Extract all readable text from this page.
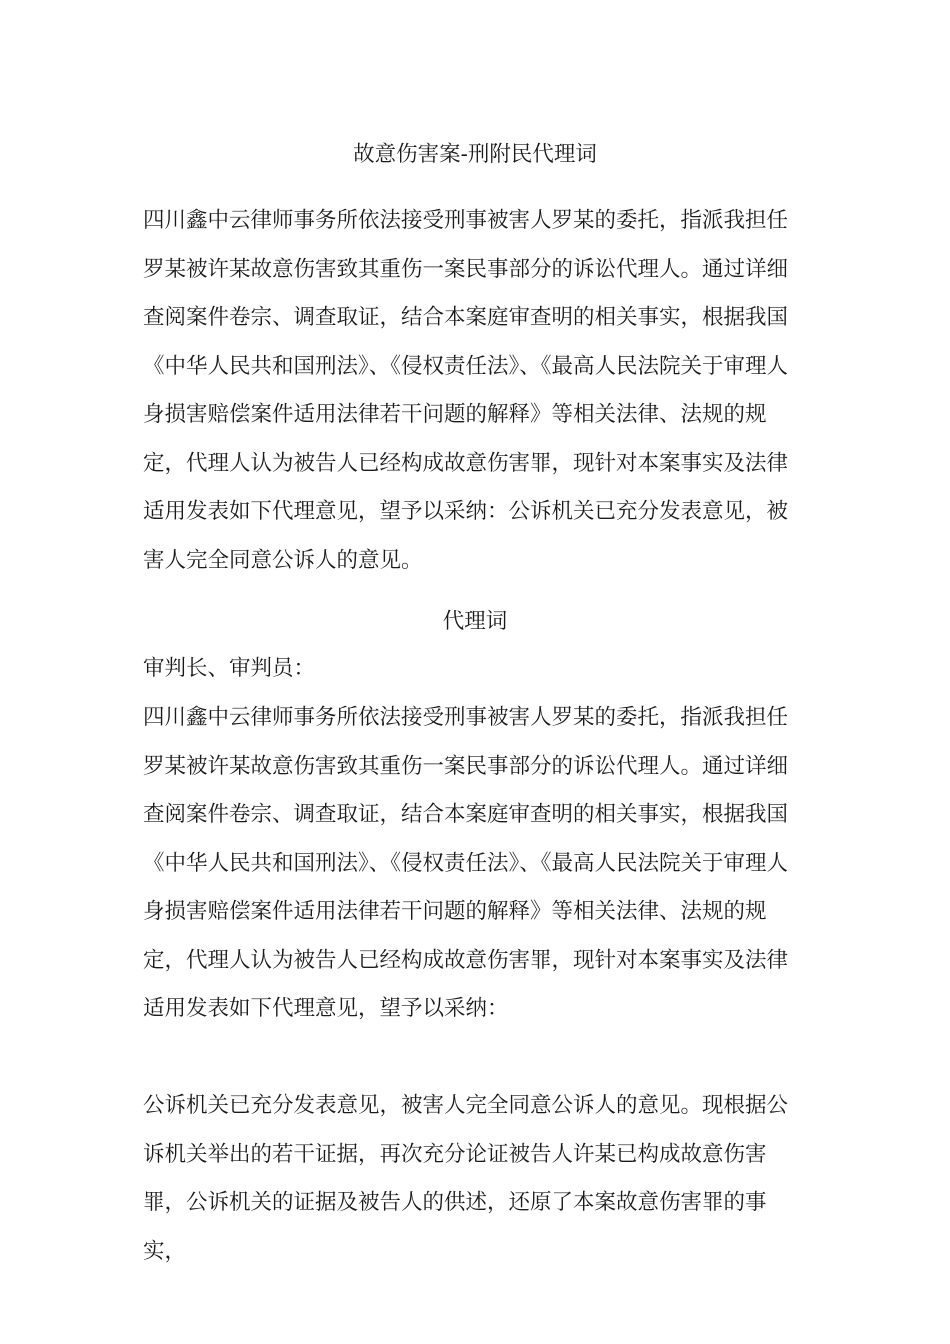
故意伤害案-刑附民代理词

四川鑫中云律师事务所依法接受刑事被害人罗某的委托，指派我担任罗某被许某故意伤害致其重伤一案民事部分的诉讼代理人。通过详细查阅案件卷宗、调查取证，结合本案庭审查明的相关事实，根据我国《中华人民共和国刑法》、《侵权责任法》、《最高人民法院关于审理人身损害赔偿案件适用法律若干问题的解释》等相关法律、法规的规定，代理人认为被告人已经构成故意伤害罪，现针对本案事实及法律适用发表如下代理意见，望予以采纳：公诉机关已充分发表意见，被害人完全同意公诉人的意见。

代理词

审判长、审判员：

四川鑫中云律师事务所依法接受刑事被害人罗某的委托，指派我担任罗某被许某故意伤害致其重伤一案民事部分的诉讼代理人。通过详细查阅案件卷宗、调查取证，结合本案庭审查明的相关事实，根据我国《中华人民共和国刑法》、《侵权责任法》、《最高人民法院关于审理人身损害赔偿案件适用法律若干问题的解释》等相关法律、法规的规定，代理人认为被告人已经构成故意伤害罪，现针对本案事实及法律适用发表如下代理意见，望予以采纳：

公诉机关已充分发表意见，被害人完全同意公诉人的意见。现根据公诉机关举出的若干证据，再次充分论证被告人许某已构成故意伤害罪，公诉机关的证据及被告人的供述，还原了本案故意伤害罪的事实，
